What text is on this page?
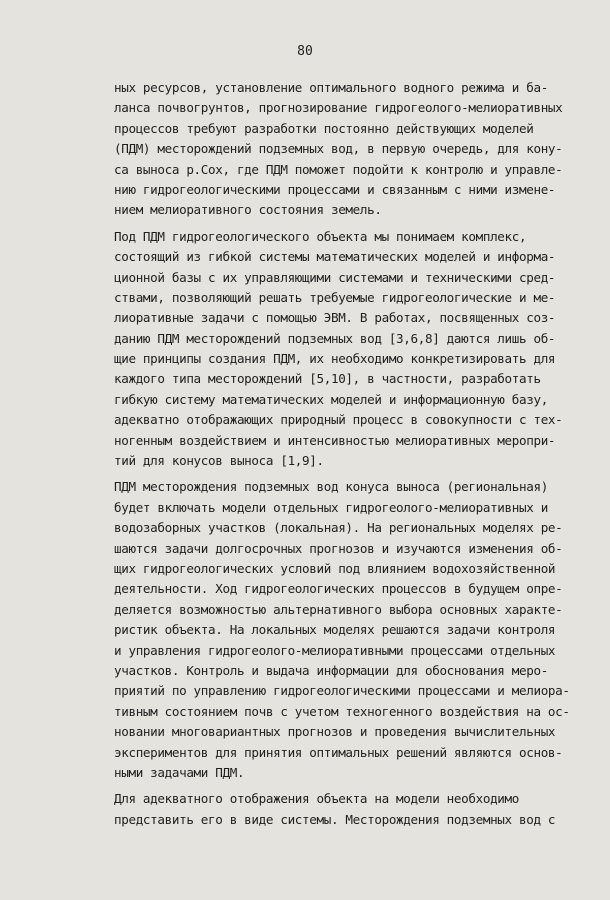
80
ных ресурсов, установление оптимального водного режима и ба-
ланса почвогрунтов, прогнозирование гидрогеолого-мелиоративных
процессов требуют разработки постоянно действующих моделей
(ПДМ) месторождений подземных вод, в первую очередь, для кону-
са выноса р.Сох, где ПДМ поможет подойти к контролю и управле-
нию гидрогеологическими процессами и связанным с ними измене-
нием мелиоративного состояния земель.
Под ПДМ гидрогеологического объекта мы понимаем комплекс,
состоящий из гибкой системы математических моделей и информа-
ционной базы с их управляющими системами и техническими сред-
ствами, позволяющий решать требуемые гидрогеологические и ме-
лиоративные задачи с помощью ЭВМ. В работах, посвященных соз-
данию ПДМ месторождений подземных вод [3,6,8] даются лишь об-
щие принципы создания ПДМ, их необходимо конкретизировать для
каждого типа месторождений [5,10], в частности, разработать
гибкую систему математических моделей и информационную базу,
адекватно отображающих природный процесс в совокупности с тех-
ногенным воздействием и интенсивностью мелиоративных меропри-
тий для конусов выноса [1,9].
ПДМ месторождения подземных вод конуса выноса (региональная)
будет включать модели отдельных гидрогеолого-мелиоративных и
водозаборных участков (локальная). На региональных моделях ре-
шаются задачи долгосрочных прогнозов и изучаются изменения об-
щих гидрогеологических условий под влиянием водохозяйственной
деятельности. Ход гидрогеологических процессов в будущем опре-
деляется возможностью альтернативного выбора основных характе-
ристик объекта. На локальных моделях решаются задачи контроля
и управления гидрогеолого-мелиоративными процессами отдельных
участков. Контроль и выдача информации для обоснования меро-
приятий по управлению гидрогеологическими процессами и мелиора-
тивным состоянием почв с учетом техногенного воздействия на ос-
новании многовариантных прогнозов и проведения вычислительных
экспериментов для принятия оптимальных решений являются основ-
ными задачами ПДМ.
Для адекватного отображения объекта на модели необходимо
представить его в виде системы. Месторождения подземных вод с
